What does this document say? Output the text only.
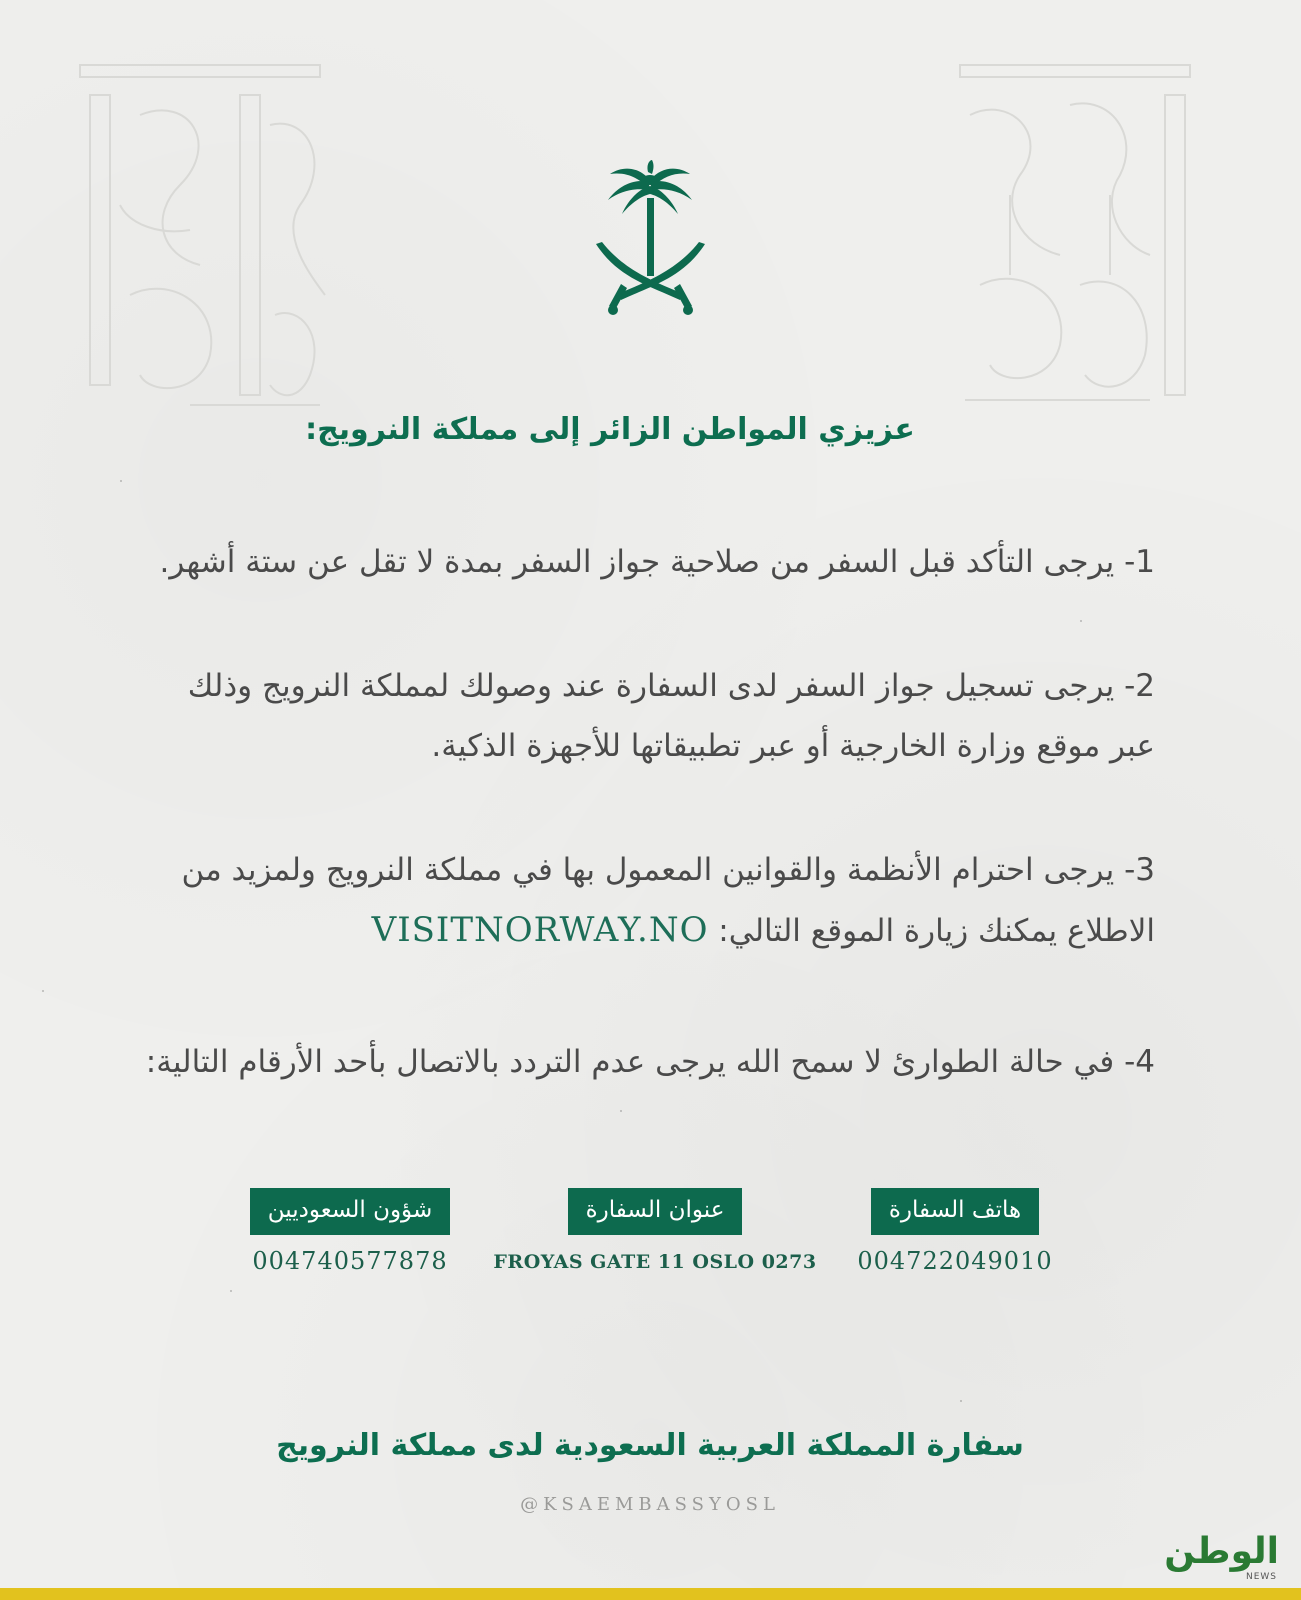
عزيزي المواطن الزائر إلى مملكة النرويج:
1- يرجى التأكد قبل السفر من صلاحية جواز السفر بمدة لا تقل عن ستة أشهر.
2- يرجى تسجيل جواز السفر لدى السفارة عند وصولك لمملكة النرويج وذلك عبر موقع وزارة الخارجية أو عبر تطبيقاتها للأجهزة الذكية.
3- يرجى احترام الأنظمة والقوانين المعمول بها في مملكة النرويج ولمزيد من الاطلاع يمكنك زيارة الموقع التالي: VISITNORWAY.NO
4- في حالة الطوارئ لا سمح الله يرجى عدم التردد بالاتصال بأحد الأرقام التالية:
هاتف السفارة
004722049010
عنوان السفارة
FROYAS GATE 11 OSLO 0273
شؤون السعوديين
004740577878
سفارة المملكة العربية السعودية لدى مملكة النرويج
@KSAEMBASSYOSL
الوطن
NEWS
